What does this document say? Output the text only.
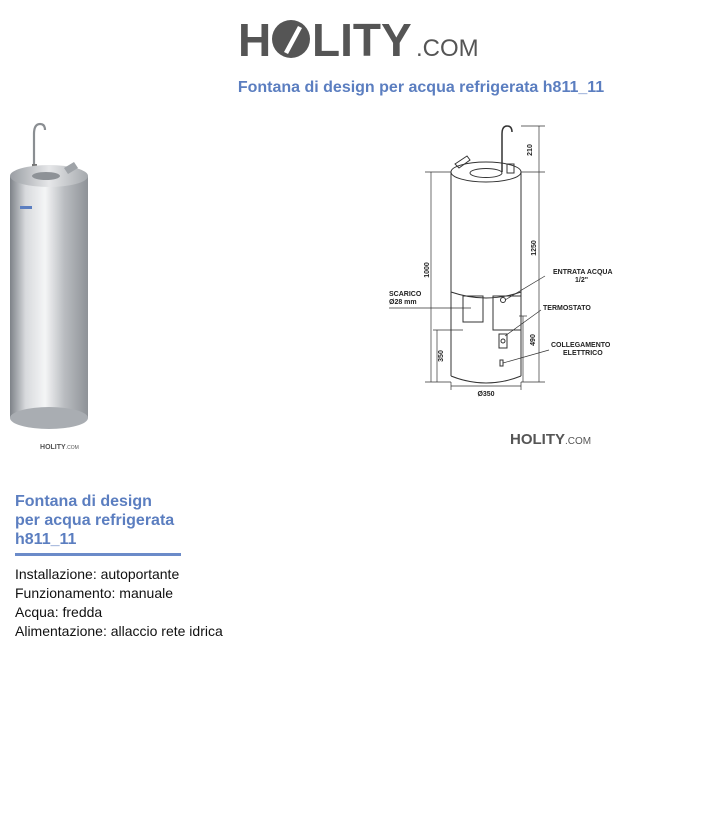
H LITY .COM
Fontana di design per acqua refrigerata h811_11
HOLITY.COM
210
1250
1000
350
490
Ø350
SCARICO
Ø28 mm
ENTRATA ACQUA
1/2"
TERMOSTATO
COLLEGAMENTO
ELETTRICO
HOLITY.COM
Fontana di design
per acqua refrigerata
h811_11
Installazione: autoportante
Funzionamento: manuale
Acqua: fredda
Alimentazione: allaccio rete idrica
